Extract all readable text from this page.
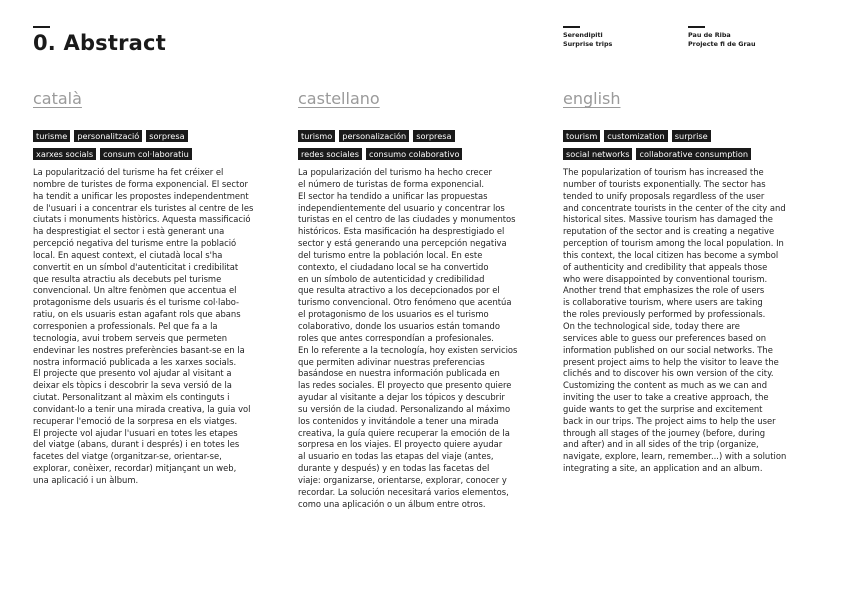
0. Abstract	Serendipiti
Surprise trips
Pau de Riba
Projecte fi de Grau
català
turisme personalització sorpresa
xarxes socials consum col·laboratiu
La popularització del turisme ha fet créixer el
nombre de turistes de forma exponencial. El sector
ha tendit a unificar les propostes independentment
de l'usuari i a concentrar els turistes al centre de les
ciutats i monuments històrics. Aquesta massificació
ha desprestigiat el sector i està generant una
percepció negativa del turisme entre la població
local. En aquest context, el ciutadà local s'ha
convertit en un símbol d'autenticitat i credibilitat
que resulta atractiu als decebuts pel turisme
convencional. Un altre fenòmen que accentua el
protagonisme dels usuaris és el turisme col·labo-
ratiu, on els usuaris estan agafant rols que abans
corresponien a professionals. Pel que fa a la
tecnologia, avui trobem serveis que permeten
endevinar les nostres preferències basant-se en la
nostra informació publicada a les xarxes socials.
El projecte que presento vol ajudar al visitant a
deixar els tòpics i descobrir la seva versió de la
ciutat. Personalitzant al màxim els continguts i
convidant-lo a tenir una mirada creativa, la guia vol
recuperar l'emoció de la sorpresa en els viatges.
El projecte vol ajudar l'usuari en totes les etapes
del viatge (abans, durant i després) i en totes les
facetes del viatge (organitzar-se, orientar-se,
explorar, conèixer, recordar) mitjançant un web,
una aplicació i un àlbum.
castellano
turismo personalización sorpresa
redes sociales consumo colaborativo
La popularización del turismo ha hecho crecer
el número de turistas de forma exponencial.
El sector ha tendido a unificar las propuestas
independientemente del usuario y concentrar los
turistas en el centro de las ciudades y monumentos
históricos. Esta masificación ha desprestigiado el
sector y está generando una percepción negativa
del turismo entre la población local. En este
contexto, el ciudadano local se ha convertido
en un símbolo de autenticidad y credibilidad
que resulta atractivo a los decepcionados por el
turismo convencional. Otro fenómeno que acentúa
el protagonismo de los usuarios es el turismo
colaborativo, donde los usuarios están tomando
roles que antes correspondían a profesionales.
En lo referente a la tecnología, hoy existen servicios
que permiten adivinar nuestras preferencias
basándose en nuestra información publicada en
las redes sociales. El proyecto que presento quiere
ayudar al visitante a dejar los tópicos y descubrir
su versión de la ciudad. Personalizando al máximo
los contenidos y invitándole a tener una mirada
creativa, la guía quiere recuperar la emoción de la
sorpresa en los viajes. El proyecto quiere ayudar
al usuario en todas las etapas del viaje (antes,
durante y después) y en todas las facetas del
viaje: organizarse, orientarse, explorar, conocer y
recordar. La solución necesitará varios elementos,
como una aplicación o un álbum entre otros.
english
tourism customization surprise
social networks collaborative consumption
The popularization of tourism has increased the
number of tourists exponentially. The sector has
tended to unify proposals regardless of the user
and concentrate tourists in the center of the city and
historical sites. Massive tourism has damaged the
reputation of the sector and is creating a negative
perception of tourism among the local population. In
this context, the local citizen has become a symbol
of authenticity and credibility that appeals those
who were disappointed by conventional tourism.
Another trend that emphasizes the role of users
is collaborative tourism, where users are taking
the roles previously performed by professionals.
On the technological side, today there are
services able to guess our preferences based on
information published on our social networks. The
present project aims to help the visitor to leave the
clichés and to discover his own version of the city.
Customizing the content as much as we can and
inviting the user to take a creative approach, the
guide wants to get the surprise and excitement
back in our trips. The project aims to help the user
through all stages of the journey (before, during
and after) and in all sides of the trip (organize,
navigate, explore, learn, remember...) with a solution
integrating a site, an application and an album.
